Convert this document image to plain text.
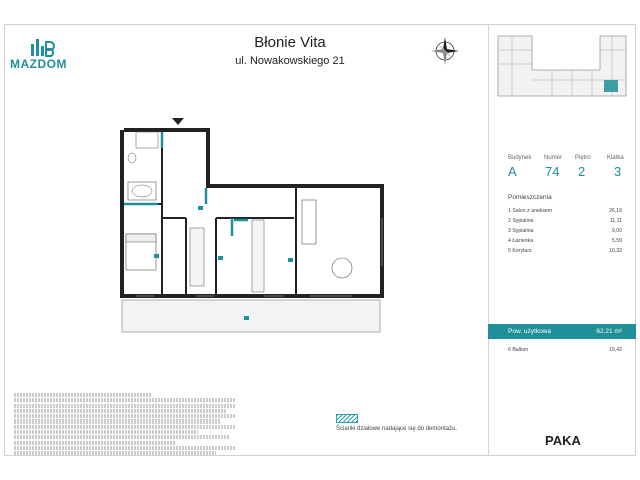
MAZDOM
Błonie Vita
ul. Nowakowskiego 21
Ścianki działowe nadające się do demontażu.
PAKA
Budynek Numer Piętro	Klatka
A 74 2 3
Pomieszczenia
1 Salon z aneksem	26,19
2 Sypialnia	11,11
3 Sypialnia	9,00
4 Łazienka	5,59
5 Korytarz	10,32
Pow. użytkowa	62,21 m²
6 Balkon	19,42
